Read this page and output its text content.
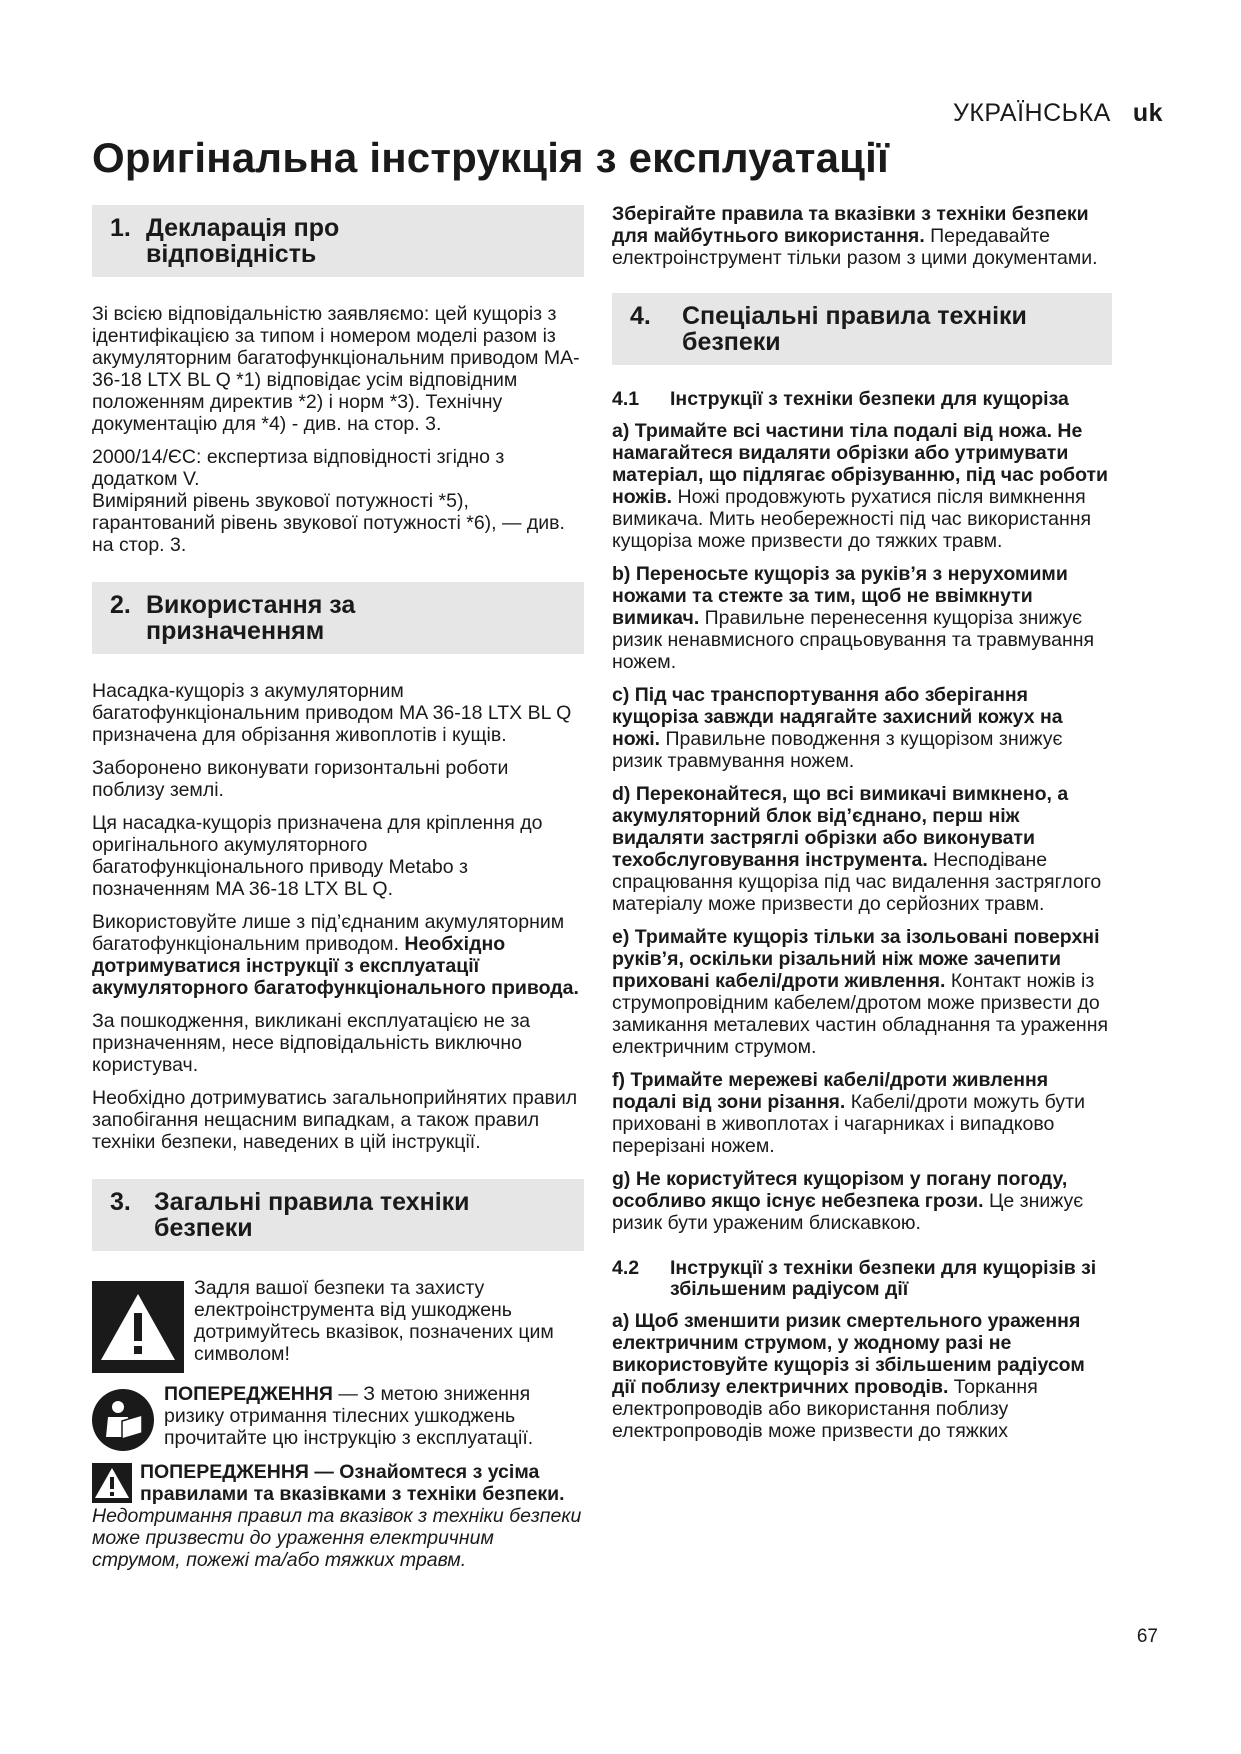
УКРАЇНСЬКА uk
Оригінальна інструкція з експлуатації
1. Декларація про відповідність

Зі всією відповідальністю заявляємо: цей кущоріз з ідентифікацією за типом і номером моделі разом із акумуляторним багатофункціональним приводом MA-36-18 LTX BL Q *1) відповідає усім відповідним положенням директив *2) і норм *3). Технічну документацію для *4) - див. на стор. 3.

2000/14/ЄС: експертиза відповідності згідно з додатком V.

Виміряний рівень звукової потужності *5), гарантований рівень звукової потужності *6), — див. на стор. 3.

2. Використання за призначенням

Насадка-кущоріз з акумуляторним багатофункціональним приводом MA 36-18 LTX BL Q призначена для обрізання живоплотів і кущів.

Заборонено виконувати горизонтальні роботи поблизу землі.

Ця насадка-кущоріз призначена для кріплення до оригінального акумуляторного багатофункціонального приводу Metabo з позначенням MA 36-18 LTX BL Q.

Використовуйте лише з під’єднаним акумуляторним багатофункціональним приводом. Необхідно дотримуватися інструкції з експлуатації акумуляторного багатофункціонального привода.

За пошкодження, викликані експлуатацією не за призначенням, несе відповідальність виключно користувач.

Необхідно дотримуватись загальноприйнятих правил запобігання нещасним випадкам, а також правил техніки безпеки, наведених в цій інструкції.

3. Загальні правила техніки безпеки
Задля вашої безпеки та захисту електроінструмента від ушкоджень дотримуйтесь вказівок, позначених цим символом!
ПОПЕРЕДЖЕННЯ — З метою зниження ризику отримання тілесних ушкоджень прочитайте цю інструкцію з експлуатації.
ПОПЕРЕДЖЕННЯ — Ознайомтеся з усіма правилами та вказівками з техніки безпеки. Недотримання правил та вказівок з техніки безпеки може призвести до ураження електричним струмом, пожежі та/або тяжких травм.

Зберігайте правила та вказівки з техніки безпеки для майбутнього використання. Передавайте електроінструмент тільки разом з цими документами.

4.	Спеціальні правила техніки безпеки
4.1	Інструкції з техніки безпеки для кущоріза

a) Тримайте всі частини тіла подалі від ножа. Не намагайтеся видаляти обрізки або утримувати матеріал, що підлягає обрізуванню, під час роботи ножів. Ножі продовжують рухатися після вимкнення вимикача. Мить необережності під час використання кущоріза може призвести до тяжких травм.

b) Переносьте кущоріз за руків’я з нерухомими ножами та стежте за тим, щоб не ввімкнути вимикач. Правильне перенесення кущоріза знижує ризик ненавмисного спрацьовування та травмування ножем.

c) Під час транспортування або зберігання кущоріза завжди надягайте захисний кожух на ножі. Правильне поводження з кущорізом знижує ризик травмування ножем.

d) Переконайтеся, що всі вимикачі вимкнено, а акумуляторний блок від’єднано, перш ніж видаляти застряглі обрізки або виконувати техобслуговування інструмента. Несподіване спрацювання кущоріза під час видалення застряглого матеріалу може призвести до серйозних травм.

e) Тримайте кущоріз тільки за ізольовані поверхні руків’я, оскільки різальний ніж може зачепити приховані кабелі/дроти живлення. Контакт ножів із струмопровідним кабелем/дротом може призвести до замикання металевих частин обладнання та ураження електричним струмом.

f) Тримайте мережеві кабелі/дроти живлення подалі від зони різання. Кабелі/дроти можуть бути приховані в живоплотах і чагарниках і випадково перерізані ножем.

g) Не користуйтеся кущорізом у погану погоду, особливо якщо існує небезпека грози. Це знижує ризик бути ураженим блискавкою.

4.2	Інструкції з техніки безпеки для кущорізів зі збільшеним радіусом дії

a) Щоб зменшити ризик смертельного ураження електричним струмом, у жодному разі не використовуйте кущоріз зі збільшеним радіусом дії поблизу електричних проводів. Торкання електропроводів або використання поблизу електропроводів може призвести до тяжких

67
